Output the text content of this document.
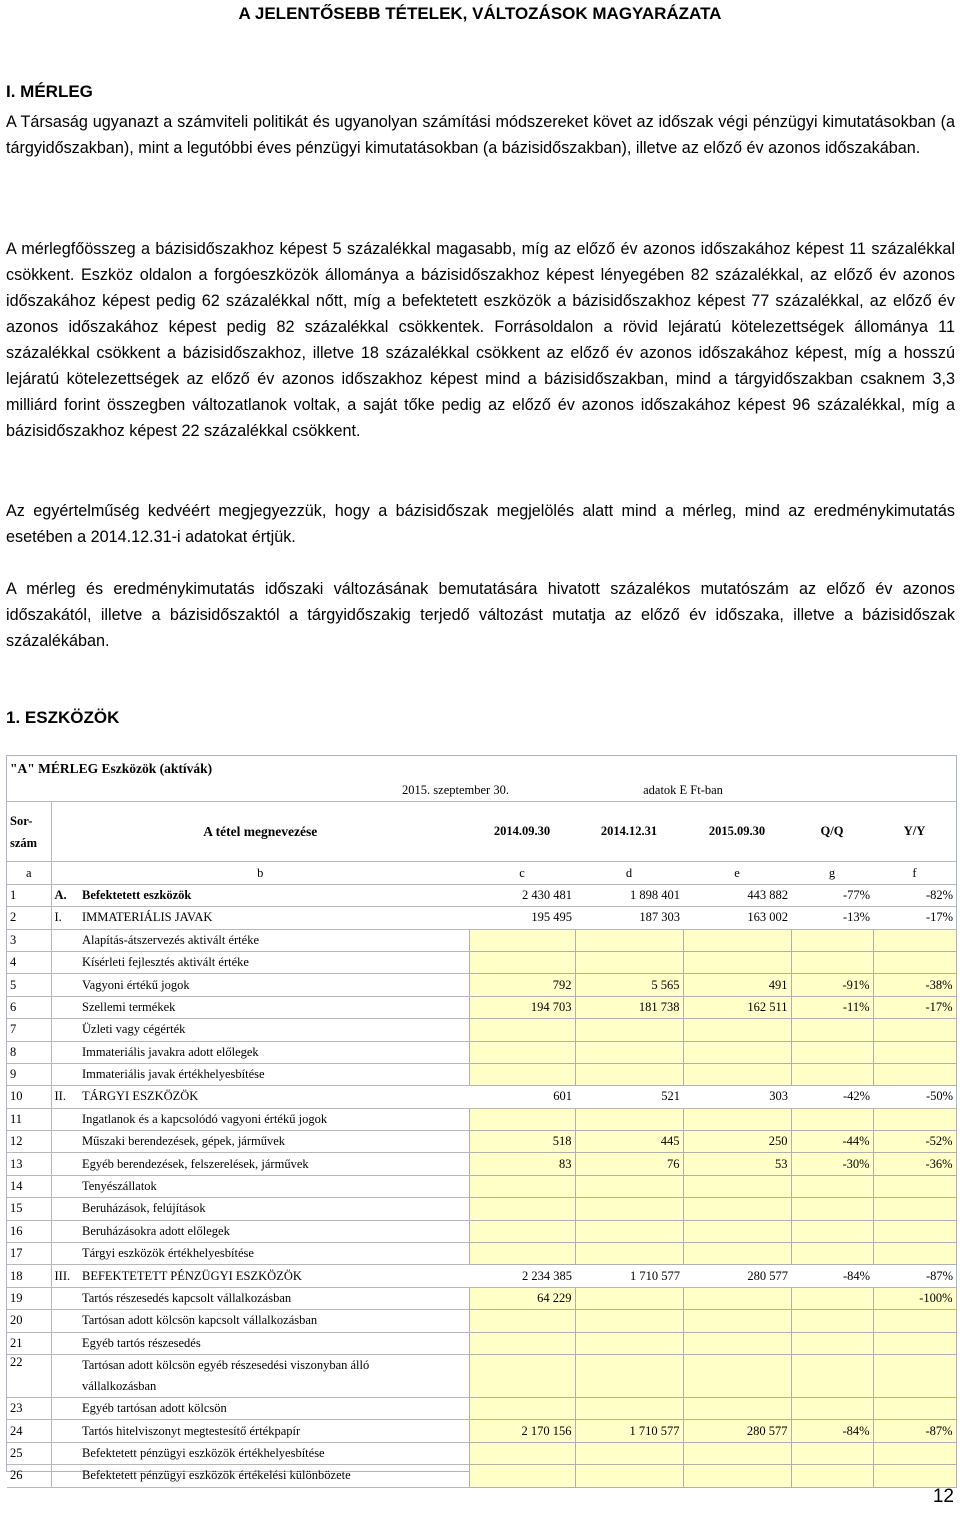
A JELENTŐSEBB TÉTELEK, VÁLTOZÁSOK MAGYARÁZATA
I. MÉRLEG
A Társaság ugyanazt a számviteli politikát és ugyanolyan számítási módszereket követ az időszak végi pénzügyi kimutatásokban (a tárgyidőszakban), mint a legutóbbi éves pénzügyi kimutatásokban (a bázisidőszakban), illetve az előző év azonos időszakában.
A mérlegfőösszeg a bázisidőszakhoz képest 5 százalékkal magasabb, míg az előző év azonos időszakához képest 11 százalékkal csökkent. Eszköz oldalon a forgóeszközök állománya a bázisidőszakhoz képest lényegében 82 százalékkal, az előző év azonos időszakához képest pedig 62 százalékkal nőtt, míg a befektetett eszközök a bázisidőszakhoz képest 77 százalékkal, az előző év azonos időszakához képest pedig 82 százalékkal csökkentek. Forrásoldalon a rövid lejáratú kötelezettségek állománya 11 százalékkal csökkent a bázisidőszakhoz, illetve 18 százalékkal csökkent az előző év azonos időszakához képest, míg a hosszú lejáratú kötelezettségek az előző év azonos időszakhoz képest mind a bázisidőszakban, mind a tárgyidőszakban csaknem 3,3 milliárd forint összegben változatlanok voltak, a saját tőke pedig az előző év azonos időszakához képest 96 százalékkal, míg a bázisidőszakhoz képest 22 százalékkal csökkent.
Az egyértelműség kedvéért megjegyezzük, hogy a bázisidőszak megjelölés alatt mind a mérleg, mind az eredménykimutatás esetében a 2014.12.31-i adatokat értjük.
A mérleg és eredménykimutatás időszaki változásának bemutatására hivatott százalékos mutatószám az előző év azonos időszakától, illetve a bázisidőszaktól a tárgyidőszakig terjedő változást mutatja az előző év időszaka, illetve a bázisidőszak százalékában.
1. ESZKÖZÖK
"A" MÉRLEG Eszközök (aktívák)							
			2015. szeptember 30.	adatok E Ft-ban			
Sor-
szám	A tétel megnevezése		2014.09.30	2014.12.31	2015.09.30	Q/Q	Y/Y
a	b		c	d	e	g	f
1	A.	Befektetett eszközök	2 430 481	1 898 401	443 882	-77%	-82%
2	I.	IMMATERIÁLIS JAVAK	195 495	187 303	163 002	-13%	-17%
3		Alapítás-átszervezés aktivált értéke					
4		Kísérleti fejlesztés aktivált értéke					
5		Vagyoni értékű jogok	792	5 565	491	-91%	-38%
6		Szellemi termékek	194 703	181 738	162 511	-11%	-17%
7		Üzleti vagy cégérték					
8		Immateriális javakra adott előlegek					
9		Immateriális javak értékhelyesbítése					
10	II.	TÁRGYI ESZKÖZÖK	601	521	303	-42%	-50%
11		Ingatlanok és a kapcsolódó vagyoni értékű jogok					
12		Műszaki berendezések, gépek, járművek	518	445	250	-44%	-52%
13		Egyéb berendezések, felszerelések, járművek	83	76	53	-30%	-36%
14		Tenyészállatok					
15		Beruházások, felújítások					
16		Beruházásokra adott előlegek					
17		Tárgyi eszközök értékhelyesbítése					
18	III.	BEFEKTETETT PÉNZÜGYI ESZKÖZÖK	2 234 385	1 710 577	280 577	-84%	-87%
19		Tartós részesedés kapcsolt vállalkozásban	64 229				-100%
20		Tartósan adott kölcsön kapcsolt vállalkozásban					
21		Egyéb tartós részesedés					
22		Tartósan adott kölcsön egyéb részesedési viszonyban álló
vállalkozásban					
23		Egyéb tartósan adott kölcsön					
24		Tartós hitelviszonyt megtestesítő értékpapír	2 170 156	1 710 577	280 577	-84%	-87%
25		Befektetett pénzügyi eszközök értékhelyesbítése					
26		Befektetett pénzügyi eszközök értékelési különbözete					
12
